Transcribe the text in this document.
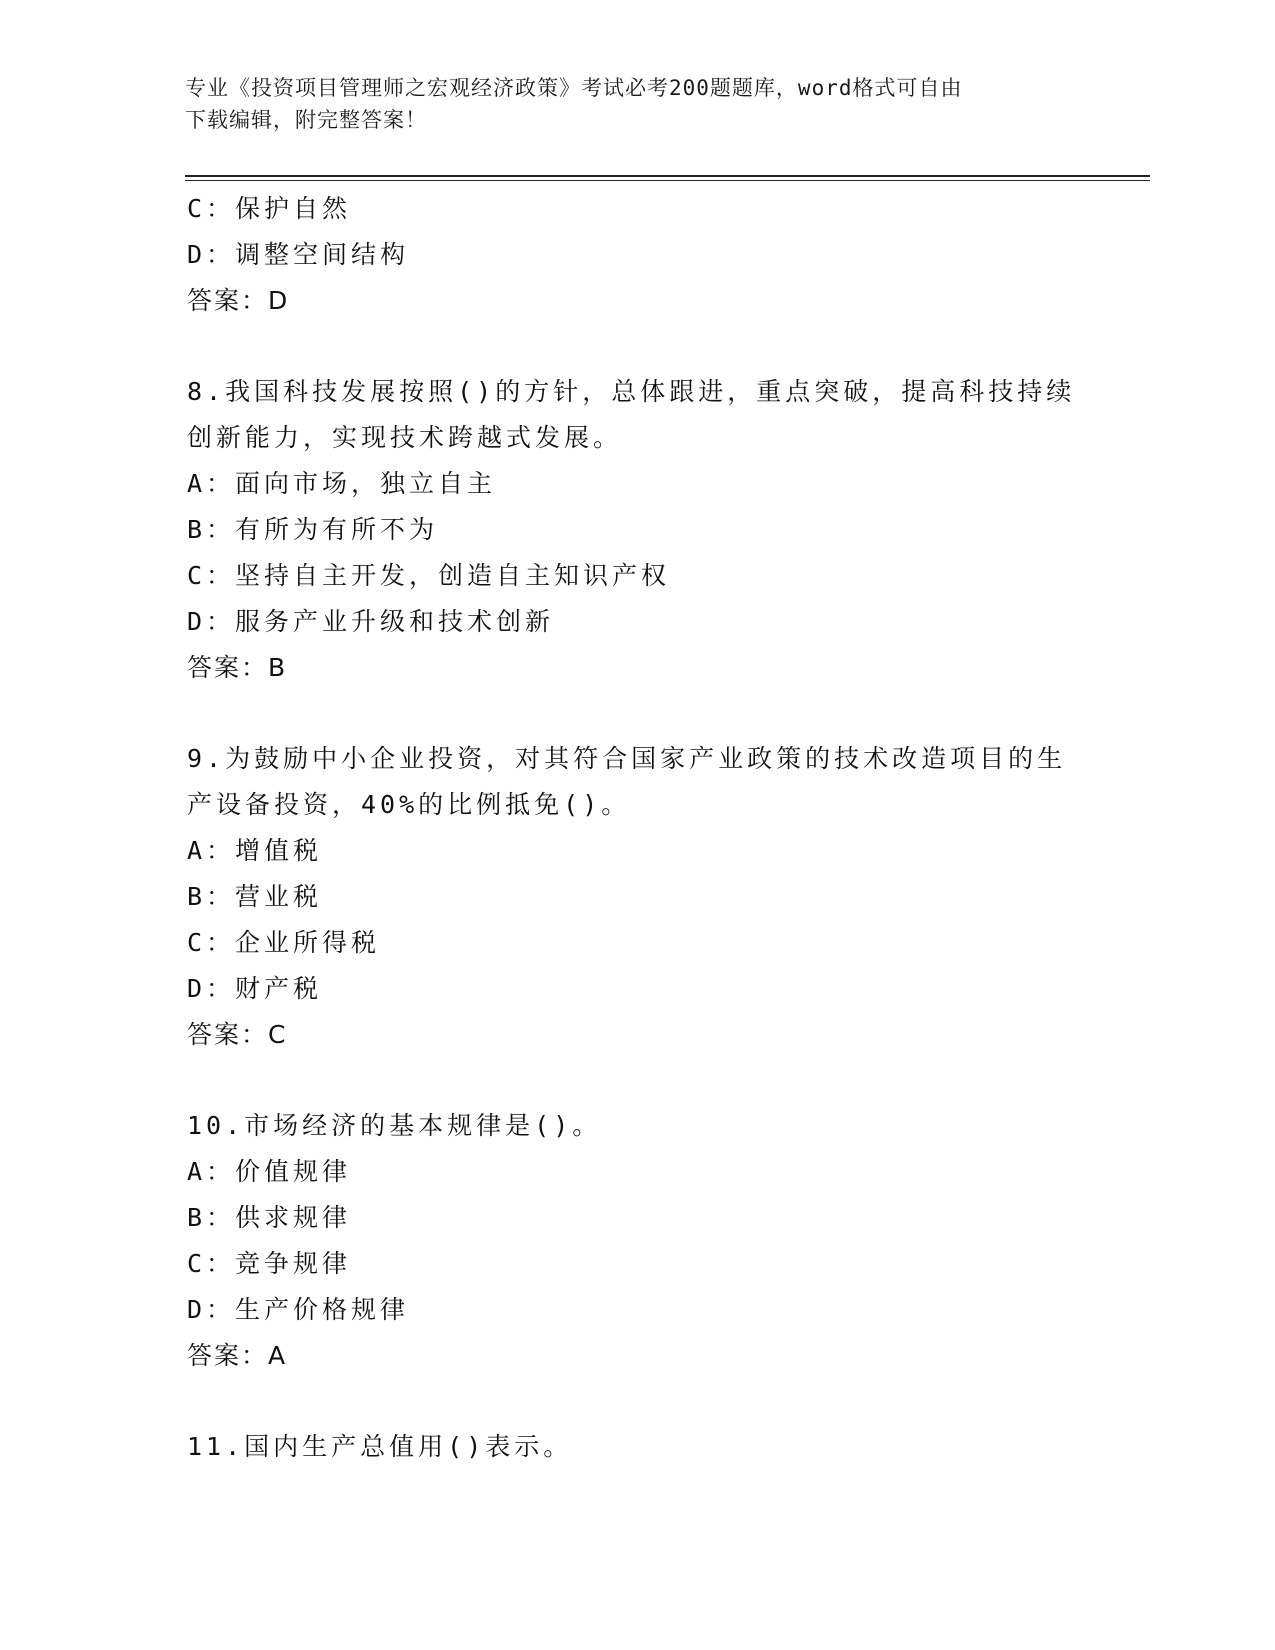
专业《投资项目管理师之宏观经济政策》考试必考200题题库，word格式可自由
下载编辑，附完整答案！
C：保护自然
D：调整空间结构
答案：D
8.我国科技发展按照()的方针，总体跟进，重点突破，提高科技持续
创新能力，实现技术跨越式发展。
A：面向市场，独立自主
B：有所为有所不为
C：坚持自主开发，创造自主知识产权
D：服务产业升级和技术创新
答案：B
9.为鼓励中小企业投资，对其符合国家产业政策的技术改造项目的生
产设备投资，40%的比例抵免()。
A：增值税
B：营业税
C：企业所得税
D：财产税
答案：C
10.市场经济的基本规律是()。
A：价值规律
B：供求规律
C：竞争规律
D：生产价格规律
答案：A
11.国内生产总值用()表示。
